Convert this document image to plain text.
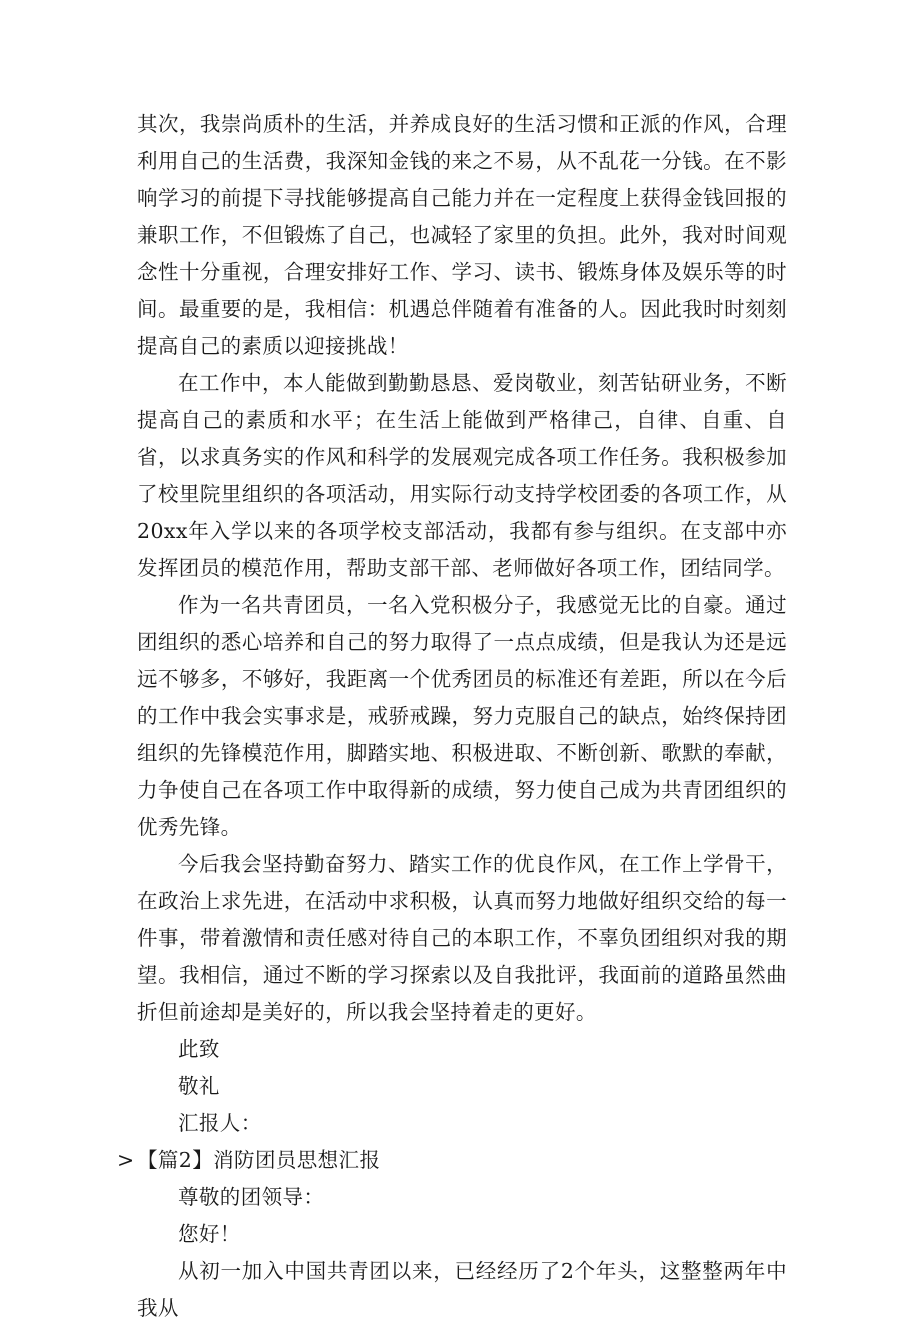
其次，我崇尚质朴的生活，并养成良好的生活习惯和正派的作风，合理利用自己的生活费，我深知金钱的来之不易，从不乱花一分钱。在不影响学习的前提下寻找能够提高自己能力并在一定程度上获得金钱回报的兼职工作，不但锻炼了自己，也减轻了家里的负担。此外，我对时间观念性十分重视，合理安排好工作、学习、读书、锻炼身体及娱乐等的时间。最重要的是，我相信：机遇总伴随着有准备的人。因此我时时刻刻提高自己的素质以迎接挑战！

在工作中，本人能做到勤勤恳恳、爱岗敬业，刻苦钻研业务，不断提高自己的素质和水平；在生活上能做到严格律己，自律、自重、自省，以求真务实的作风和科学的发展观完成各项工作任务。我积极参加了校里院里组织的各项活动，用实际行动支持学校团委的各项工作，从20xx年入学以来的各项学校支部活动，我都有参与组织。在支部中亦发挥团员的模范作用，帮助支部干部、老师做好各项工作，团结同学。

作为一名共青团员，一名入党积极分子，我感觉无比的自豪。通过团组织的悉心培养和自己的努力取得了一点点成绩，但是我认为还是远远不够多，不够好，我距离一个优秀团员的标准还有差距，所以在今后的工作中我会实事求是，戒骄戒躁，努力克服自己的缺点，始终保持团组织的先锋模范作用，脚踏实地、积极进取、不断创新、歌默的奉献，力争使自己在各项工作中取得新的成绩，努力使自己成为共青团组织的优秀先锋。

今后我会坚持勤奋努力、踏实工作的优良作风，在工作上学骨干，在政治上求先进，在活动中求积极，认真而努力地做好组织交给的每一件事，带着激情和责任感对待自己的本职工作，不辜负团组织对我的期望。我相信，通过不断的学习探索以及自我批评，我面前的道路虽然曲折但前途却是美好的，所以我会坚持着走的更好。

此致

敬礼

汇报人：

> 【篇2】消防团员思想汇报

尊敬的团领导：

您好！

从初一加入中国共青团以来，已经经历了2个年头，这整整两年中我从
